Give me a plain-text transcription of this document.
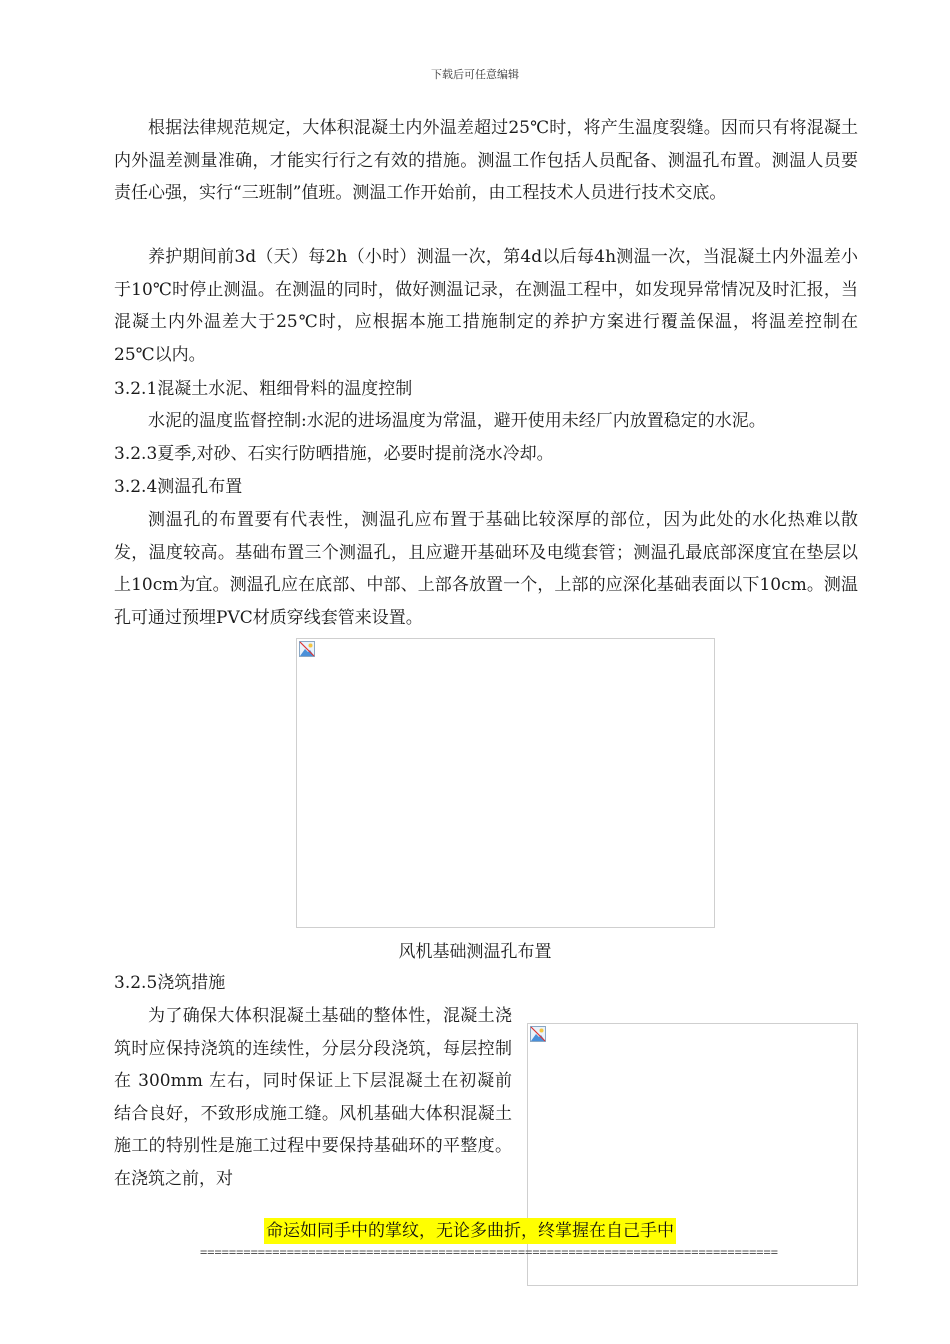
下载后可任意编辑

根据法律规范规定，大体积混凝土内外温差超过25℃时，将产生温度裂缝。因而只有将混凝土内外温差测量准确，才能实行行之有效的措施。测温工作包括人员配备、测温孔布置。测温人员要责任心强，实行“三班制”值班。测温工作开始前，由工程技术人员进行技术交底。

养护期间前3d（天）每2h（小时）测温一次，第4d以后每4h测温一次，当混凝土内外温差小于10℃时停止测温。在测温的同时，做好测温记录，在测温工程中，如发现异常情况及时汇报，当混凝土内外温差大于25℃时，应根据本施工措施制定的养护方案进行覆盖保温，将温差控制在25℃以内。

3.2.1混凝土水泥、粗细骨料的温度控制

水泥的温度监督控制:水泥的进场温度为常温，避开使用未经厂内放置稳定的水泥。

3.2.3夏季,对砂、石实行防晒措施，必要时提前浇水冷却。

3.2.4测温孔布置

测温孔的布置要有代表性，测温孔应布置于基础比较深厚的部位，因为此处的水化热难以散发，温度较高。基础布置三个测温孔，且应避开基础环及电缆套管；测温孔最底部深度宜在垫层以上10cm为宜。测温孔应在底部、中部、上部各放置一个，上部的应深化基础表面以下10cm。测温孔可通过预埋PVC材质穿线套管来设置。

风机基础测温孔布置

3.2.5浇筑措施

为了确保大体积混凝土基础的整体性，混凝土浇筑时应保持浇筑的连续性，分层分段浇筑，每层控制在 300mm 左右，同时保证上下层混凝土在初凝前结合良好，不致形成施工缝。风机基础大体积混凝土施工的特别性是施工过程中要保持基础环的平整度。在浇筑之前，对

命运如同手中的掌纹，无论多曲折，终掌握在自己手中
================================================================================
